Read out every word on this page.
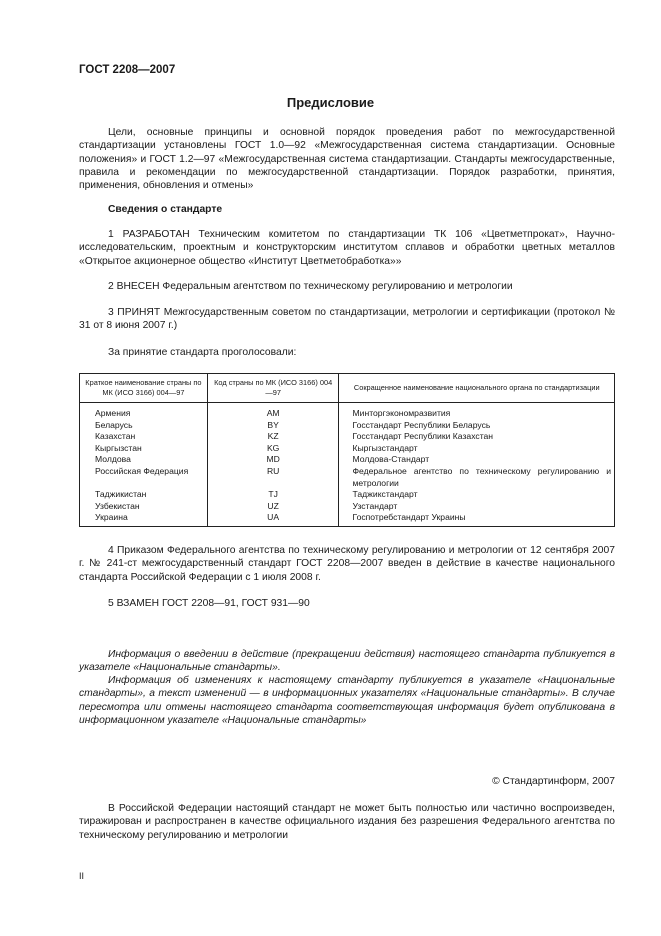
ГОСТ 2208—2007
Предисловие
Цели, основные принципы и основной порядок проведения работ по межгосударственной стандартизации установлены ГОСТ 1.0—92 «Межгосударственная система стандартизации. Основные положения» и ГОСТ 1.2—97 «Межгосударственная система стандартизации. Стандарты межгосударственные, правила и рекомендации по межгосударственной стандартизации. Порядок разработки, принятия, применения, обновления и отмены»
Сведения о стандарте
1 РАЗРАБОТАН Техническим комитетом по стандартизации ТК 106 «Цветметпрокат», Научно-исследовательским, проектным и конструкторским институтом сплавов и обработки цветных металлов «Открытое акционерное общество «Институт Цветметобработка»»
2 ВНЕСЕН Федеральным агентством по техническому регулированию и метрологии
3 ПРИНЯТ Межгосударственным советом по стандартизации, метрологии и сертификации (протокол № 31 от 8 июня 2007 г.)
За принятие стандарта проголосовали:
Краткое наименование страны по МК (ИСО 3166) 004—97	Код страны по МК (ИСО 3166) 004—97	Сокращенное наименование национального органа по стандартизации
Армения	AM	Минторгэкономразвития
Беларусь	BY	Госстандарт Республики Беларусь
Казахстан	KZ	Госстандарт Республики Казахстан
Кыргызстан	KG	Кыргызстандарт
Молдова	MD	Молдова-Стандарт
Российская Федерация	RU	Федеральное агентство по техническому регулированию и метрологии
Таджикистан	TJ	Таджикстандарт
Узбекистан	UZ	Узстандарт
Украина	UA	Госпотребстандарт Украины
4 Приказом Федерального агентства по техническому регулированию и метрологии от 12 сентября 2007 г. № 241-ст межгосударственный стандарт ГОСТ 2208—2007 введен в действие в качестве национального стандарта Российской Федерации с 1 июля 2008 г.
5 ВЗАМЕН ГОСТ 2208—91, ГОСТ 931—90
Информация о введении в действие (прекращении действия) настоящего стандарта публикуется в указателе «Национальные стандарты».
Информация об изменениях к настоящему стандарту публикуется в указателе «Национальные стандарты», а текст изменений — в информационных указателях «Национальные стандарты». В случае пересмотра или отмены настоящего стандарта соответствующая информация будет опубликована в информационном указателе «Национальные стандарты»
© Стандартинформ, 2007
В Российской Федерации настоящий стандарт не может быть полностью или частично воспроизведен, тиражирован и распространен в качестве официального издания без разрешения Федерального агентства по техническому регулированию и метрологии
II
